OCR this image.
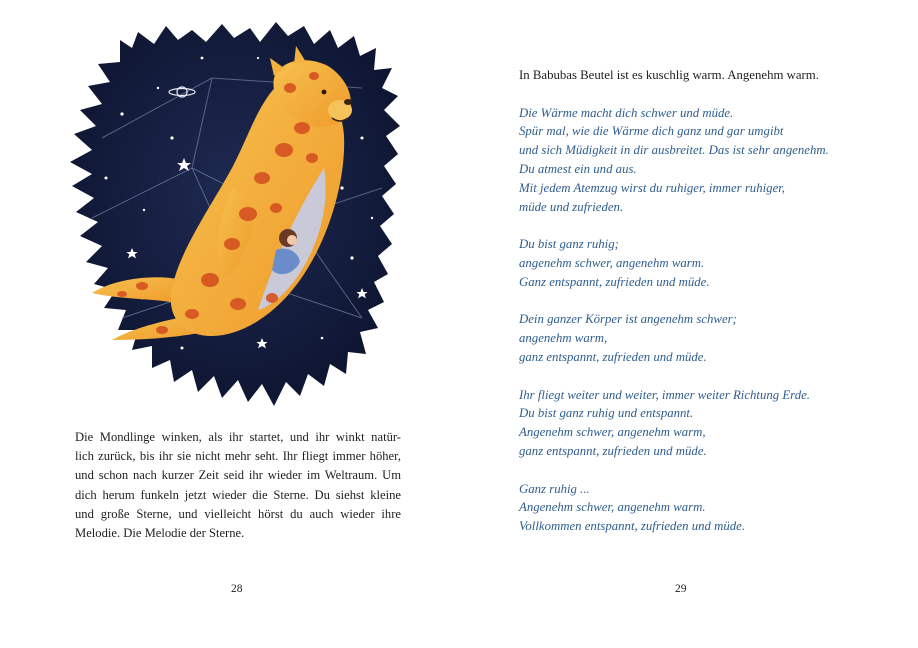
Die Mondlinge winken, als ihr startet, und ihr winkt natür-
lich zurück, bis ihr sie nicht mehr seht. Ihr fliegt immer höher,
und schon nach kurzer Zeit seid ihr wieder im Weltraum. Um
dich herum funkeln jetzt wieder die Sterne. Du siehst kleine
und große Sterne, und vielleicht hörst du auch wieder ihre
Melodie. Die Melodie der Sterne.
28

In Babubas Beutel ist es kuschlig warm. Angenehm warm.

Die Wärme macht dich schwer und müde.
Spür mal, wie die Wärme dich ganz und gar umgibt
und sich Müdigkeit in dir ausbreitet. Das ist sehr angenehm.
Du atmest ein und aus.
Mit jedem Atemzug wirst du ruhiger, immer ruhiger,
müde und zufrieden.
Du bist ganz ruhig;
angenehm schwer, angenehm warm.
Ganz entspannt, zufrieden und müde.
Dein ganzer Körper ist angenehm schwer;
angenehm warm,
ganz entspannt, zufrieden und müde.
Ihr fliegt weiter und weiter, immer weiter Richtung Erde.
Du bist ganz ruhig und entspannt.
Angenehm schwer, angenehm warm,
ganz entspannt, zufrieden und müde.
Ganz ruhig ...
Angenehm schwer, angenehm warm.
Vollkommen entspannt, zufrieden und müde.
29
